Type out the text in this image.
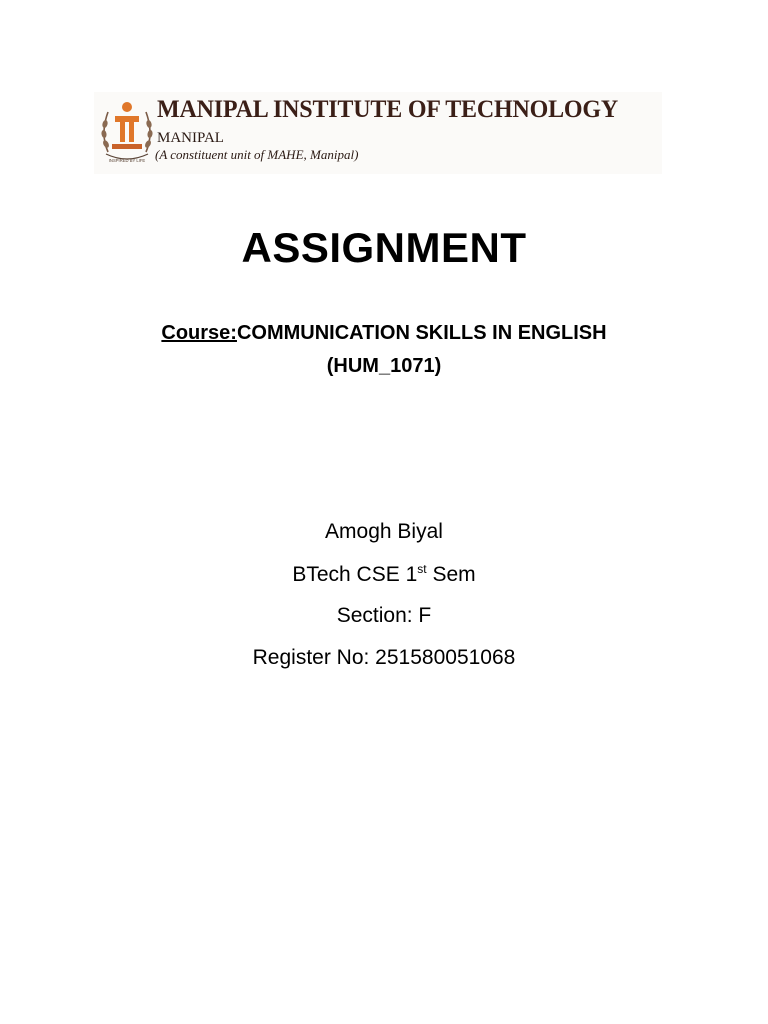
INSPIRED BY LIFE
MANIPAL INSTITUTE OF TECHNOLOGY
MANIPAL
(A constituent unit of MAHE, Manipal)
ASSIGNMENT
Course:COMMUNICATION SKILLS IN ENGLISH
(HUM_1071)
Amogh Biyal
BTech CSE 1st Sem
Section: F
Register No: 251580051068
